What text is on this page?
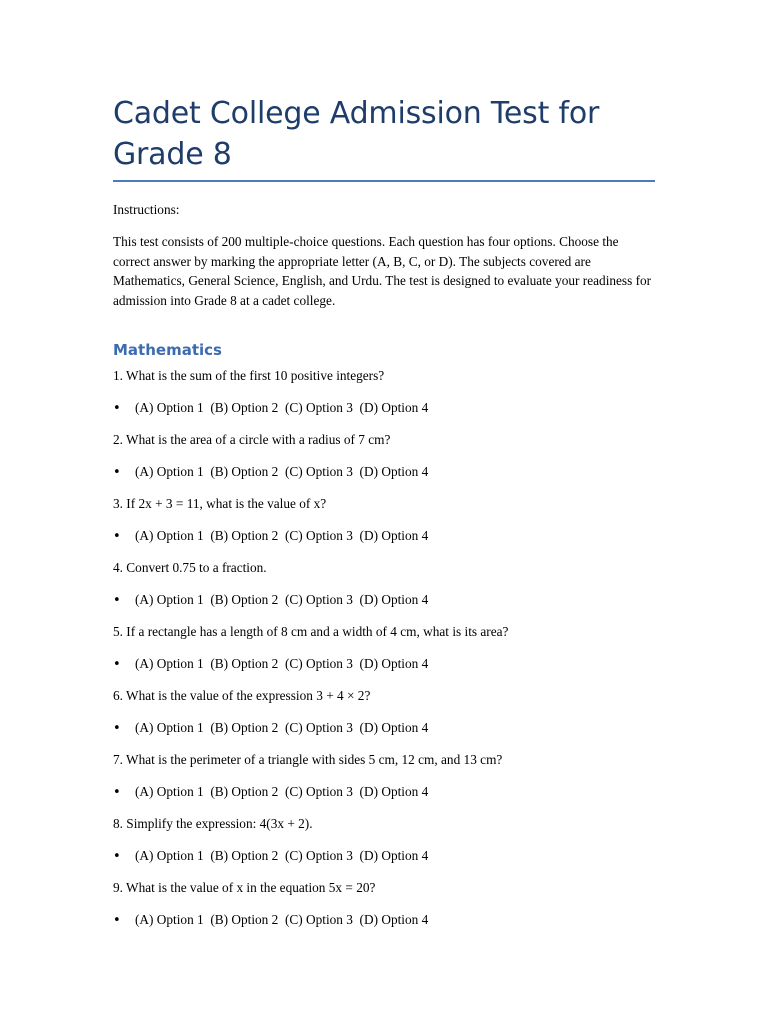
Cadet College Admission Test for Grade 8
Instructions:
This test consists of 200 multiple-choice questions. Each question has four options. Choose the correct answer by marking the appropriate letter (A, B, C, or D). The subjects covered are Mathematics, General Science, English, and Urdu. The test is designed to evaluate your readiness for admission into Grade 8 at a cadet college.
Mathematics
1. What is the sum of the first 10 positive integers?
• (A) Option 1  (B) Option 2  (C) Option 3  (D) Option 4
2. What is the area of a circle with a radius of 7 cm?
• (A) Option 1  (B) Option 2  (C) Option 3  (D) Option 4
3. If 2x + 3 = 11, what is the value of x?
• (A) Option 1  (B) Option 2  (C) Option 3  (D) Option 4
4. Convert 0.75 to a fraction.
• (A) Option 1  (B) Option 2  (C) Option 3  (D) Option 4
5. If a rectangle has a length of 8 cm and a width of 4 cm, what is its area?
• (A) Option 1  (B) Option 2  (C) Option 3  (D) Option 4
6. What is the value of the expression 3 + 4 × 2?
• (A) Option 1  (B) Option 2  (C) Option 3  (D) Option 4
7. What is the perimeter of a triangle with sides 5 cm, 12 cm, and 13 cm?
• (A) Option 1  (B) Option 2  (C) Option 3  (D) Option 4
8. Simplify the expression: 4(3x + 2).
• (A) Option 1  (B) Option 2  (C) Option 3  (D) Option 4
9. What is the value of x in the equation 5x = 20?
• (A) Option 1  (B) Option 2  (C) Option 3  (D) Option 4
